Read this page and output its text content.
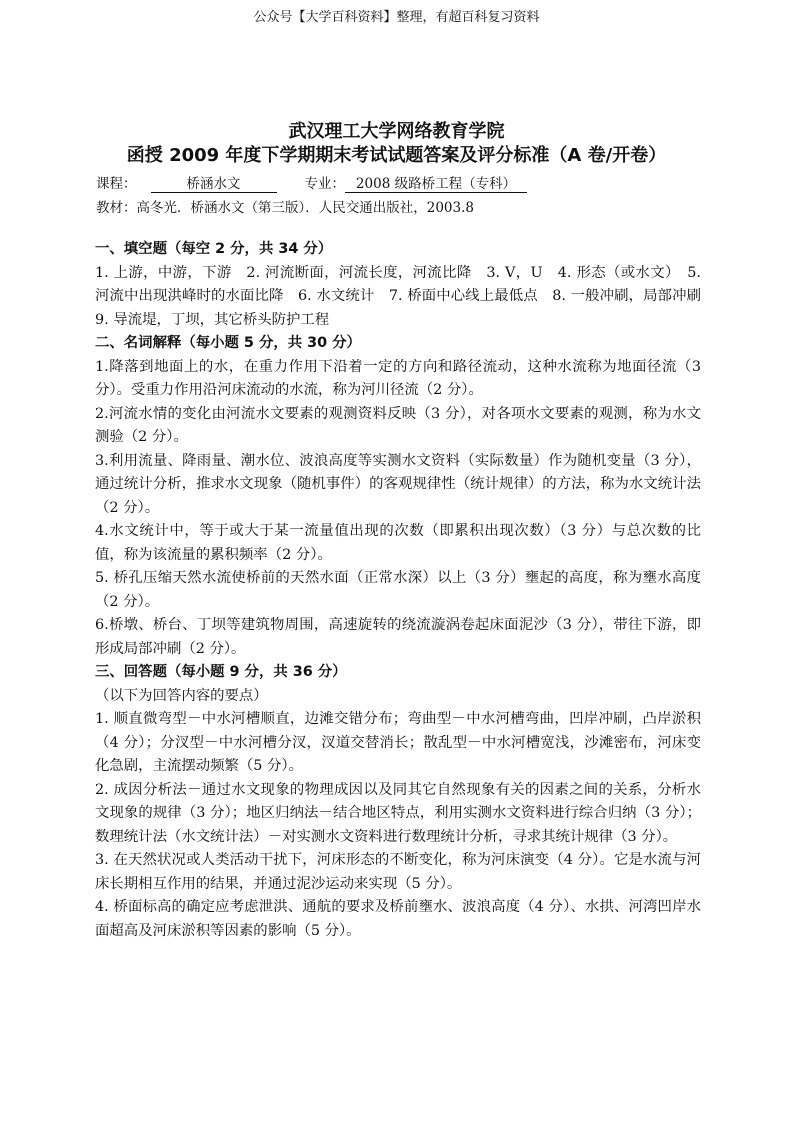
公众号【大学百科资料】整理，有超百科复习资料
武汉理工大学网络教育学院
函授 2009 年度下学期期末考试试题答案及评分标准（A 卷/开卷）
课程：	桥涵水文	专业： 2008 级路桥工程（专科）
教材：高冬光．桥涵水文（第三版）．人民交通出版社，2003.8

一、填空题（每空 2 分，共 34 分）

1. 上游，中游，下游　2. 河流断面，河流长度，河流比降　3. V，U　4. 形态（或水文）　5. 河流中出现洪峰时的水面比降　6. 水文统计　7. 桥面中心线上最低点　8. 一般冲刷，局部冲刷　9. 导流堤，丁坝，其它桥头防护工程

二、名词解释（每小题 5 分，共 30 分）

1.降落到地面上的水，在重力作用下沿着一定的方向和路径流动，这种水流称为地面径流（3 分）。受重力作用沿河床流动的水流，称为河川径流（2 分）。

2.河流水情的变化由河流水文要素的观测资料反映（3 分），对各项水文要素的观测，称为水文测验（2 分）。

3.利用流量、降雨量、潮水位、波浪高度等实测水文资料（实际数量）作为随机变量（3 分），通过统计分析，推求水文现象（随机事件）的客观规律性（统计规律）的方法，称为水文统计法（2 分）。

4.水文统计中，等于或大于某一流量值出现的次数（即累积出现次数）（3 分）与总次数的比值，称为该流量的累积频率（2 分）。

5. 桥孔压缩天然水流使桥前的天然水面（正常水深）以上（3 分）壅起的高度，称为壅水高度（2 分）。

6.桥墩、桥台、丁坝等建筑物周围，高速旋转的绕流漩涡卷起床面泥沙（3 分），带往下游，即形成局部冲刷（2 分）。

三、回答题（每小题 9 分，共 36 分）

（以下为回答内容的要点）

1. 顺直微弯型－中水河槽顺直，边滩交错分布；弯曲型－中水河槽弯曲，凹岸冲刷，凸岸淤积（4 分）；分汊型－中水河槽分汊，汊道交替消长；散乱型－中水河槽宽浅，沙滩密布，河床变化急剧，主流摆动频繁（5 分）。

2. 成因分析法－通过水文现象的物理成因以及同其它自然现象有关的因素之间的关系，分析水文现象的规律（3 分）；地区归纳法－结合地区特点，利用实测水文资料进行综合归纳（3 分）；数理统计法（水文统计法）－对实测水文资料进行数理统计分析，寻求其统计规律（3 分）。

3. 在天然状况或人类活动干扰下，河床形态的不断变化，称为河床演变（4 分）。它是水流与河床长期相互作用的结果，并通过泥沙运动来实现（5 分）。

4. 桥面标高的确定应考虑泄洪、通航的要求及桥前壅水、波浪高度（4 分）、水拱、河湾凹岸水面超高及河床淤积等因素的影响（5 分）。
